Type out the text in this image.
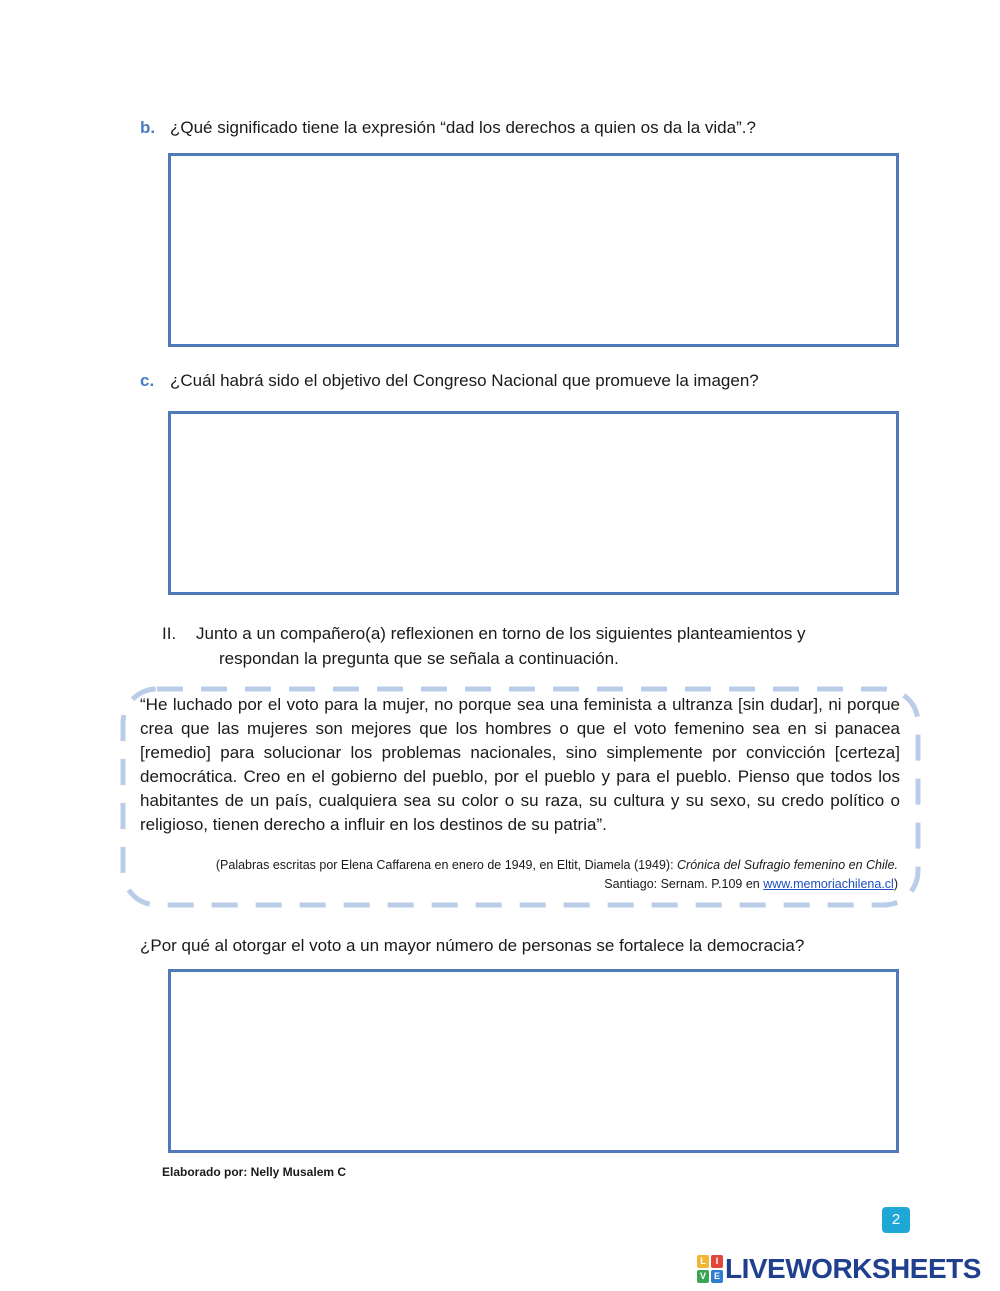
b. ¿Qué significado tiene la expresión “dad los derechos a quien os da la vida”.?
c. ¿Cuál habrá sido el objetivo del Congreso Nacional que promueve la imagen?
II. Junto a un compañero(a) reflexionen en torno de los siguientes planteamientos y
respondan la pregunta que se señala a continuación.
“He luchado por el voto para la mujer, no porque sea una feminista a ultranza [sin dudar], ni porque crea que las mujeres son mejores que los hombres o que el voto femenino sea en si panacea [remedio] para solucionar los problemas nacionales, sino simplemente por convicción [certeza] democrática. Creo en el gobierno del pueblo, por el pueblo y para el pueblo. Pienso que todos los habitantes de un país, cualquiera sea su color o su raza, su cultura y su sexo, su credo político o religioso, tienen derecho a influir en los destinos de su patria”.
(Palabras escritas por Elena Caffarena en enero de 1949, en Eltit, Diamela (1949): Crónica del Sufragio femenino en Chile.
Santiago: Sernam. P.109 en www.memoriachilena.cl)
¿Por qué al otorgar el voto a un mayor número de personas se fortalece la democracia?
Elaborado por: Nelly Musalem C
2
L	I
V E LIVEWORKSHEETS
